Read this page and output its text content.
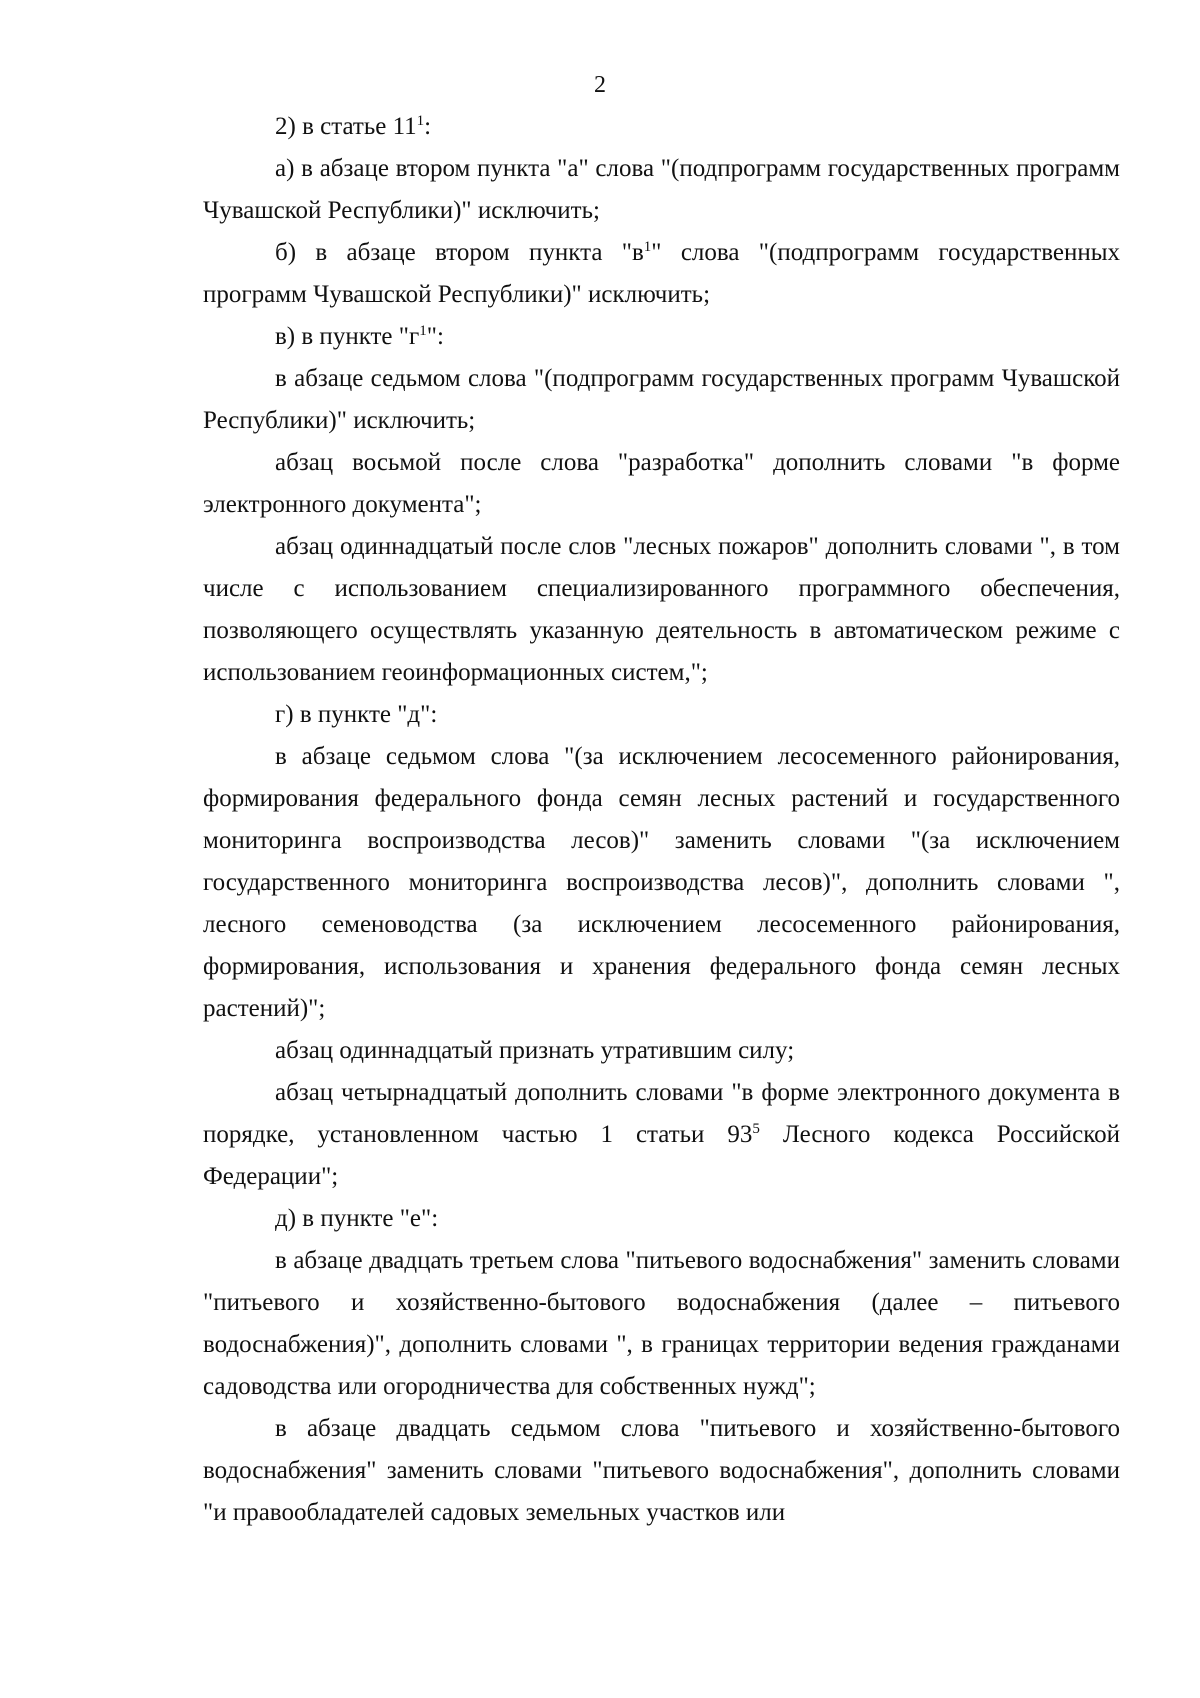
2

2) в статье $11^1$:

а) в абзаце втором пункта "а" слова "(подпрограмм государственных программ Чувашской Республики)" исключить;

б) в абзаце втором пункта "$в^1$" слова "(подпрограмм государственных программ Чувашской Республики)" исключить;

в) в пункте "$г^1$":

в абзаце седьмом слова "(подпрограмм государственных программ Чувашской Республики)" исключить;

абзац восьмой после слова "разработка" дополнить словами "в форме электронного документа";

абзац одиннадцатый после слов "лесных пожаров" дополнить словами ", в том числе с использованием специализированного программного обеспечения, позволяющего осуществлять указанную деятельность в автоматическом режиме с использованием геоинформационных систем,";

г) в пункте "д":

в абзаце седьмом слова "(за исключением лесосеменного районирования, формирования федерального фонда семян лесных растений и государственного мониторинга воспроизводства лесов)" заменить словами "(за исключением государственного мониторинга воспроизводства лесов)", дополнить словами ", лесного семеноводства (за исключением лесосеменного районирования, формирования, использования и хранения федерального фонда семян лесных растений)";

абзац одиннадцатый признать утратившим силу;

абзац четырнадцатый дополнить словами "в форме электронного документа в порядке, установленном частью 1 статьи $93^5$ Лесного кодекса Российской Федерации";

д) в пункте "е":

в абзаце двадцать третьем слова "питьевого водоснабжения" заменить словами "питьевого и хозяйственно-бытового водоснабжения (далее – питьевого водоснабжения)", дополнить словами ", в границах территории ведения гражданами садоводства или огородничества для собственных нужд";

в абзаце двадцать седьмом слова "питьевого и хозяйственно-бытового водоснабжения" заменить словами "питьевого водоснабжения", дополнить словами "и правообладателей садовых земельных участков или
